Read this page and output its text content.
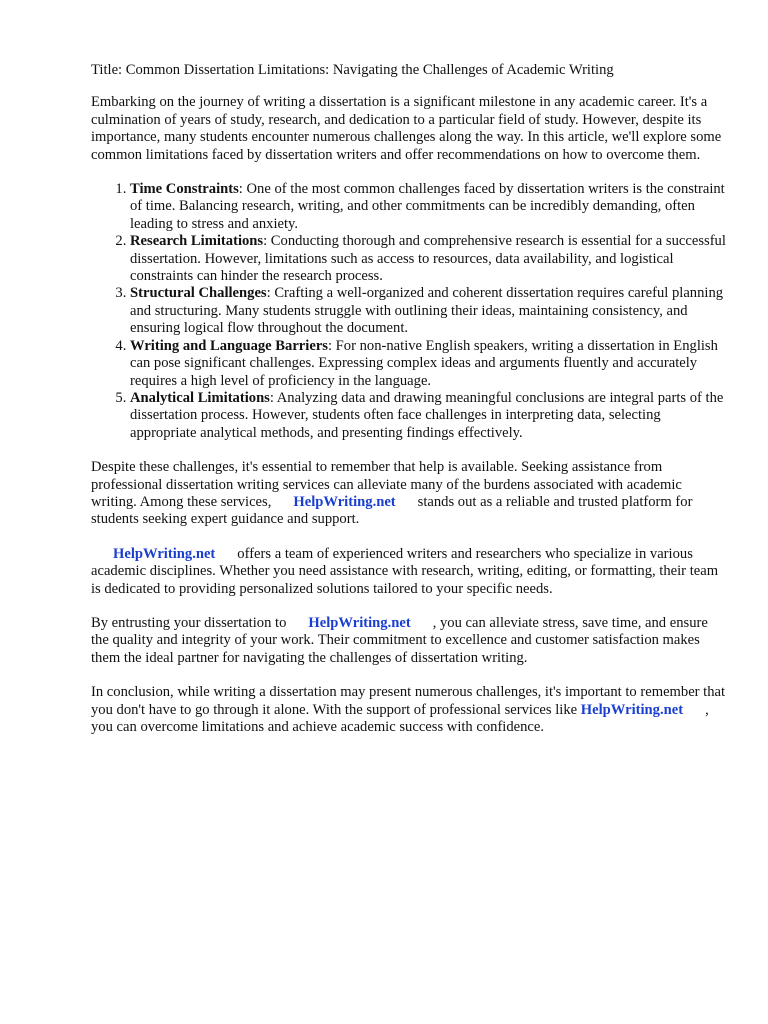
Title: Common Dissertation Limitations: Navigating the Challenges of Academic Writing

Embarking on the journey of writing a dissertation is a significant milestone in any academic career. It's a culmination of years of study, research, and dedication to a particular field of study. However, despite its importance, many students encounter numerous challenges along the way. In this article, we'll explore some common limitations faced by dissertation writers and offer recommendations on how to overcome them.

1. Time Constraints: One of the most common challenges faced by dissertation writers is the constraint of time. Balancing research, writing, and other commitments can be incredibly demanding, often leading to stress and anxiety.
2. Research Limitations: Conducting thorough and comprehensive research is essential for a successful dissertation. However, limitations such as access to resources, data availability, and logistical constraints can hinder the research process.
3. Structural Challenges: Crafting a well-organized and coherent dissertation requires careful planning and structuring. Many students struggle with outlining their ideas, maintaining consistency, and ensuring logical flow throughout the document.
4. Writing and Language Barriers: For non-native English speakers, writing a dissertation in English can pose significant challenges. Expressing complex ideas and arguments fluently and accurately requires a high level of proficiency in the language.
5. Analytical Limitations: Analyzing data and drawing meaningful conclusions are integral parts of the dissertation process. However, students often face challenges in interpreting data, selecting appropriate analytical methods, and presenting findings effectively.

Despite these challenges, it's essential to remember that help is available. Seeking assistance from professional dissertation writing services can alleviate many of the burdens associated with academic writing. Among these services, HelpWriting.net stands out as a reliable and trusted platform for students seeking expert guidance and support.

HelpWriting.net offers a team of experienced writers and researchers who specialize in various academic disciplines. Whether you need assistance with research, writing, editing, or formatting, their team is dedicated to providing personalized solutions tailored to your specific needs.

By entrusting your dissertation to HelpWriting.net , you can alleviate stress, save time, and ensure the quality and integrity of your work. Their commitment to excellence and customer satisfaction makes them the ideal partner for navigating the challenges of dissertation writing.

In conclusion, while writing a dissertation may present numerous challenges, it's important to remember that you don't have to go through it alone. With the support of professional services like HelpWriting.net , you can overcome limitations and achieve academic success with confidence.
